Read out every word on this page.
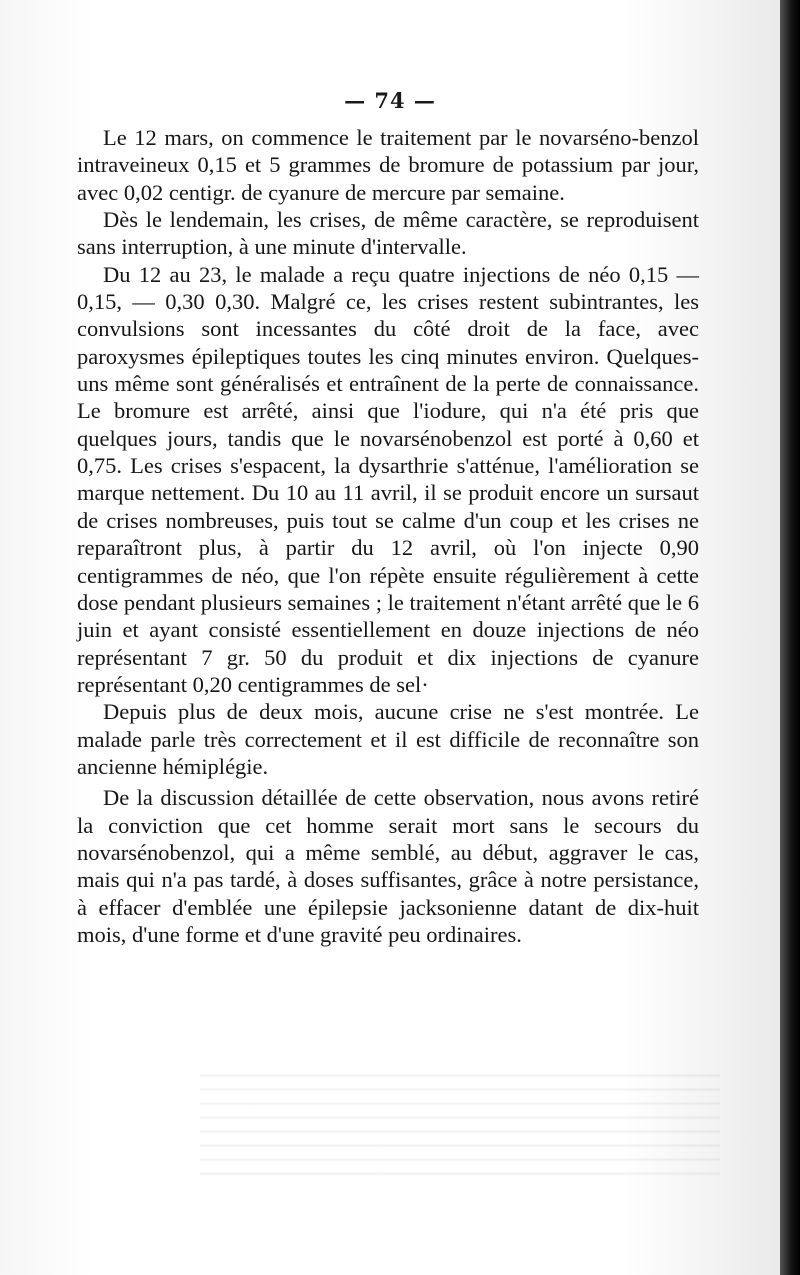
— 74 —

Le 12 mars, on commence le traitement par le novarséno-benzol intraveineux 0,15 et 5 grammes de bromure de potassium par jour, avec 0,02 centigr. de cyanure de mercure par semaine.

Dès le lendemain, les crises, de même caractère, se reproduisent sans interruption, à une minute d'intervalle.

Du 12 au 23, le malade a reçu quatre injections de néo 0,15 — 0,15, — 0,30 0,30. Malgré ce, les crises restent subintrantes, les convulsions sont incessantes du côté droit de la face, avec paroxysmes épileptiques toutes les cinq minutes environ. Quelques-uns même sont généralisés et entraînent de la perte de connaissance. Le bromure est arrêté, ainsi que l'iodure, qui n'a été pris que quelques jours, tandis que le novarsénobenzol est porté à 0,60 et 0,75. Les crises s'espacent, la dysarthrie s'atténue, l'amélioration se marque nettement. Du 10 au 11 avril, il se produit encore un sursaut de crises nombreuses, puis tout se calme d'un coup et les crises ne reparaîtront plus, à partir du 12 avril, où l'on injecte 0,90 centigrammes de néo, que l'on répète ensuite régulièrement à cette dose pendant plusieurs semaines ; le traitement n'étant arrêté que le 6 juin et ayant consisté essentiellement en douze injections de néo représentant 7 gr. 50 du produit et dix injections de cyanure représentant 0,20 centigrammes de sel·

Depuis plus de deux mois, aucune crise ne s'est montrée. Le malade parle très correctement et il est difficile de reconnaître son ancienne hémiplégie.

De la discussion détaillée de cette observation, nous avons retiré la conviction que cet homme serait mort sans le secours du novarsénobenzol, qui a même semblé, au début, aggraver le cas, mais qui n'a pas tardé, à doses suffisantes, grâce à notre persistance, à effacer d'emblée une épilepsie jacksonienne datant de dix-huit mois, d'une forme et d'une gravité peu ordinaires.
